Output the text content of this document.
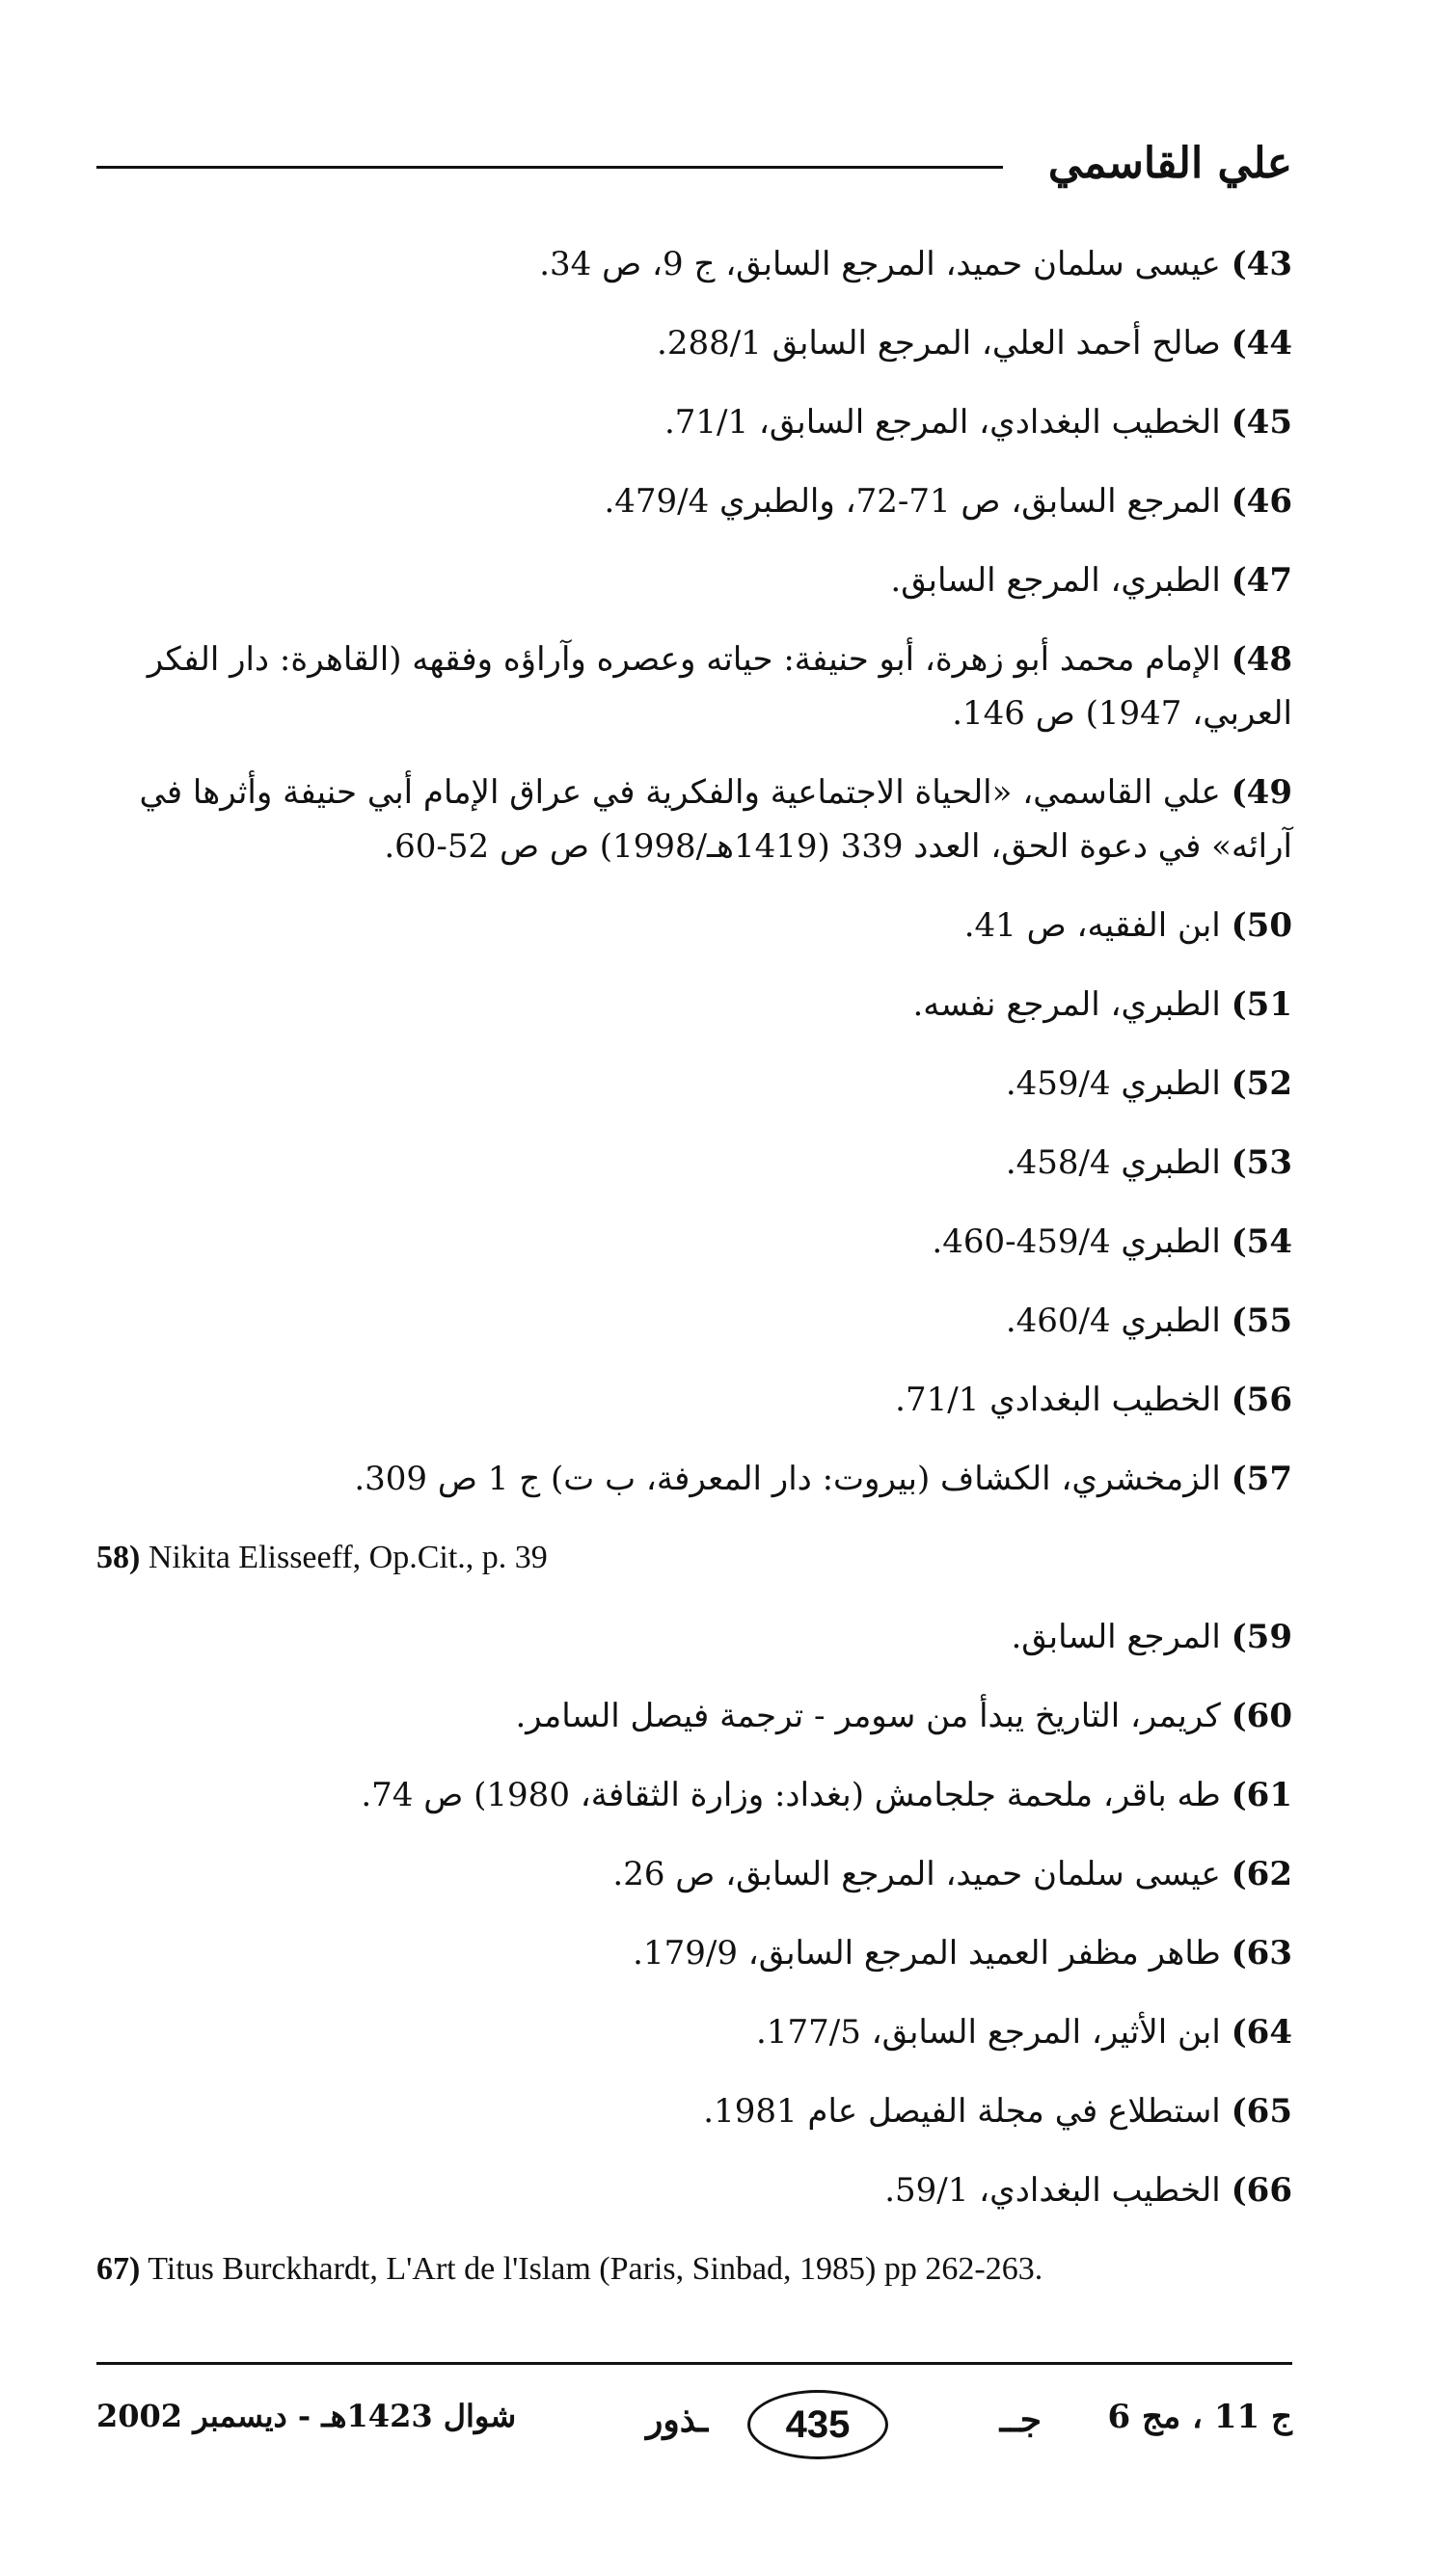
علي القاسمي

43) عيسى سلمان حميد، المرجع السابق، ج 9، ص 34.

44) صالح أحمد العلي، المرجع السابق 288/1.

45) الخطيب البغدادي، المرجع السابق، 71/1.

46) المرجع السابق، ص 71-72، والطبري 479/4.

47) الطبري، المرجع السابق.

48) الإمام محمد أبو زهرة، أبو حنيفة: حياته وعصره وآراؤه وفقهه (القاهرة: دار الفكر العربي، 1947) ص 146.

49) علي القاسمي، «الحياة الاجتماعية والفكرية في عراق الإمام أبي حنيفة وأثرها في آرائه» في دعوة الحق، العدد 339 (1419هـ/1998) ص ص 52-60.

50) ابن الفقيه، ص 41.

51) الطبري، المرجع نفسه.

52) الطبري 459/4.

53) الطبري 458/4.

54) الطبري 459/4-460.

55) الطبري 460/4.

56) الخطيب البغدادي 71/1.

57) الزمخشري، الكشاف (بيروت: دار المعرفة، ب ت) ج 1 ص 309.

58) Nikita Elisseeff, Op.Cit., p. 39

59) المرجع السابق.

60) كريمر، التاريخ يبدأ من سومر - ترجمة فيصل السامر.

61) طه باقر، ملحمة جلجامش (بغداد: وزارة الثقافة، 1980) ص 74.

62) عيسى سلمان حميد، المرجع السابق، ص 26.

63) طاهر مظفر العميد المرجع السابق، 179/9.

64) ابن الأثير، المرجع السابق، 177/5.

65) استطلاع في مجلة الفيصل عام 1981.

66) الخطيب البغدادي، 59/1.

67) Titus Burckhardt, L'Art de l'Islam (Paris, Sinbad, 1985) pp 262-263.

ج 11 ، مج 6
جــ
435
ـذور
شوال 1423هـ - ديسمبر 2002
